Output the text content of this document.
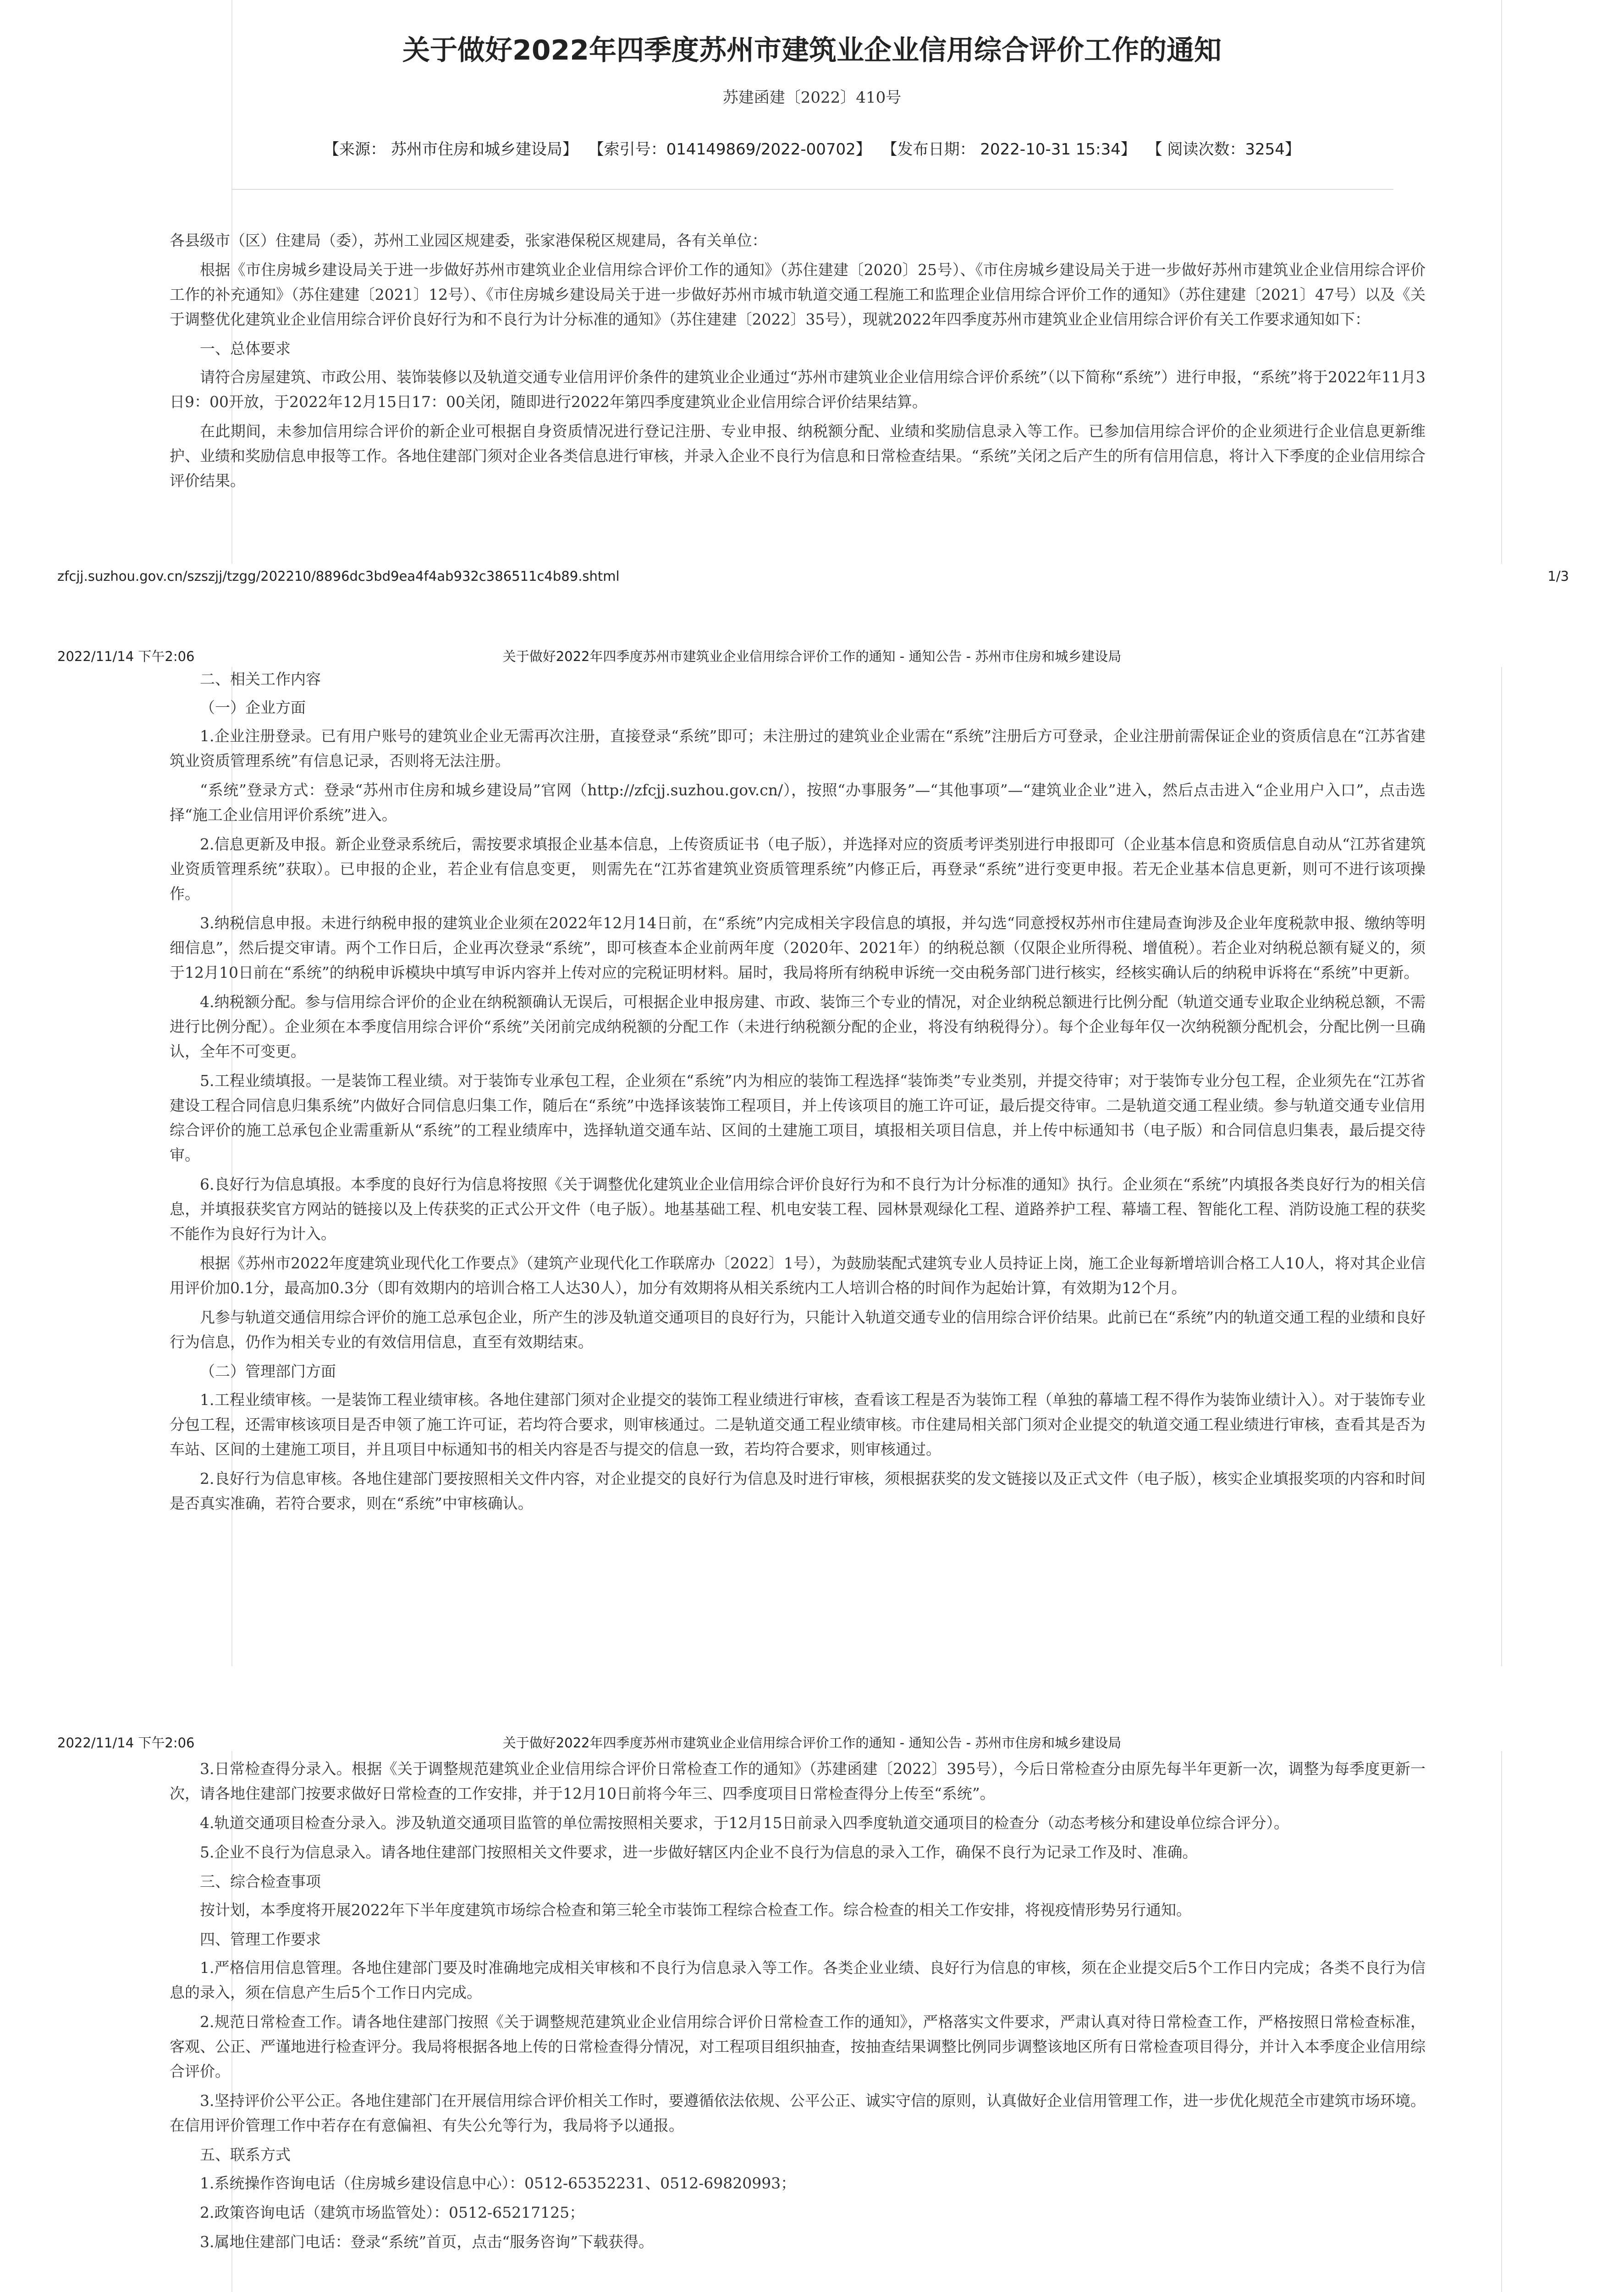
关于做好2022年四季度苏州市建筑业企业信用综合评价工作的通知
苏建函建〔2022〕410号
【来源： 苏州市住房和城乡建设局】 【索引号：014149869/2022-00702】 【发布日期： 2022-10-31 15:34】 【 阅读次数：3254】

各县级市（区）住建局（委），苏州工业园区规建委，张家港保税区规建局，各有关单位：

根据《市住房城乡建设局关于进一步做好苏州市建筑业企业信用综合评价工作的通知》（苏住建建〔2020〕25号）、《市住房城乡建设局关于进一步做好苏州市建筑业企业信用综合评价工作的补充通知》（苏住建建〔2021〕12号）、《市住房城乡建设局关于进一步做好苏州市城市轨道交通工程施工和监理企业信用综合评价工作的通知》（苏住建建〔2021〕47号）以及《关于调整优化建筑业企业信用综合评价良好行为和不良行为计分标准的通知》（苏住建建〔2022〕35号），现就2022年四季度苏州市建筑业企业信用综合评价有关工作要求通知如下：

一、总体要求

请符合房屋建筑、市政公用、装饰装修以及轨道交通专业信用评价条件的建筑业企业通过“苏州市建筑业企业信用综合评价系统”（以下简称“系统”）进行申报，“系统”将于2022年11月3日9：00开放，于2022年12月15日17：00关闭，随即进行2022年第四季度建筑业企业信用综合评价结果结算。

在此期间，未参加信用综合评价的新企业可根据自身资质情况进行登记注册、专业申报、纳税额分配、业绩和奖励信息录入等工作。已参加信用综合评价的企业须进行企业信息更新维护、业绩和奖励信息申报等工作。各地住建部门须对企业各类信息进行审核，并录入企业不良行为信息和日常检查结果。“系统”关闭之后产生的所有信用信息，将计入下季度的企业信用综合评价结果。

zfcjj.suzhou.gov.cn/szszjj/tzgg/202210/8896dc3bd9ea4f4ab932c386511c4b89.shtml	1/3
2022/11/14 下午2:06	关于做好2022年四季度苏州市建筑业企业信用综合评价工作的通知 - 通知公告 - 苏州市住房和城乡建设局

二、相关工作内容

（一）企业方面

1.企业注册登录。已有用户账号的建筑业企业无需再次注册，直接登录“系统”即可；未注册过的建筑业企业需在“系统”注册后方可登录，企业注册前需保证企业的资质信息在“江苏省建筑业资质管理系统”有信息记录，否则将无法注册。

“系统”登录方式：登录“苏州市住房和城乡建设局”官网（http://zfcjj.suzhou.gov.cn/），按照“办事服务”—“其他事项”—“建筑业企业”进入，然后点击进入“企业用户入口”，点击选择“施工企业信用评价系统”进入。

2.信息更新及申报。新企业登录系统后，需按要求填报企业基本信息，上传资质证书（电子版），并选择对应的资质考评类别进行申报即可（企业基本信息和资质信息自动从“江苏省建筑业资质管理系统”获取）。已申报的企业，若企业有信息变更， 则需先在“江苏省建筑业资质管理系统”内修正后，再登录“系统”进行变更申报。若无企业基本信息更新，则可不进行该项操作。

3.纳税信息申报。未进行纳税申报的建筑业企业须在2022年12月14日前，在“系统”内完成相关字段信息的填报，并勾选“同意授权苏州市住建局查询涉及企业年度税款申报、缴纳等明细信息”，然后提交审请。两个工作日后，企业再次登录“系统”，即可核查本企业前两年度（2020年、2021年）的纳税总额（仅限企业所得税、增值税）。若企业对纳税总额有疑义的，须于12月10日前在“系统”的纳税申诉模块中填写申诉内容并上传对应的完税证明材料。届时，我局将所有纳税申诉统一交由税务部门进行核实，经核实确认后的纳税申诉将在“系统”中更新。

4.纳税额分配。参与信用综合评价的企业在纳税额确认无误后，可根据企业申报房建、市政、装饰三个专业的情况，对企业纳税总额进行比例分配（轨道交通专业取企业纳税总额，不需进行比例分配）。企业须在本季度信用综合评价“系统”关闭前完成纳税额的分配工作（未进行纳税额分配的企业，将没有纳税得分）。每个企业每年仅一次纳税额分配机会，分配比例一旦确认，全年不可变更。

5.工程业绩填报。一是装饰工程业绩。对于装饰专业承包工程，企业须在“系统”内为相应的装饰工程选择“装饰类”专业类别，并提交待审；对于装饰专业分包工程，企业须先在“江苏省建设工程合同信息归集系统”内做好合同信息归集工作，随后在“系统”中选择该装饰工程项目，并上传该项目的施工许可证，最后提交待审。二是轨道交通工程业绩。参与轨道交通专业信用综合评价的施工总承包企业需重新从“系统”的工程业绩库中，选择轨道交通车站、区间的土建施工项目，填报相关项目信息，并上传中标通知书（电子版）和合同信息归集表，最后提交待审。

6.良好行为信息填报。本季度的良好行为信息将按照《关于调整优化建筑业企业信用综合评价良好行为和不良行为计分标准的通知》执行。企业须在“系统”内填报各类良好行为的相关信息，并填报获奖官方网站的链接以及上传获奖的正式公开文件（电子版）。地基基础工程、机电安装工程、园林景观绿化工程、道路养护工程、幕墙工程、智能化工程、消防设施工程的获奖不能作为良好行为计入。

根据《苏州市2022年度建筑业现代化工作要点》（建筑产业现代化工作联席办〔2022〕1号），为鼓励装配式建筑专业人员持证上岗，施工企业每新增培训合格工人10人，将对其企业信用评价加0.1分，最高加0.3分（即有效期内的培训合格工人达30人），加分有效期将从相关系统内工人培训合格的时间作为起始计算，有效期为12个月。

凡参与轨道交通信用综合评价的施工总承包企业，所产生的涉及轨道交通项目的良好行为，只能计入轨道交通专业的信用综合评价结果。此前已在“系统”内的轨道交通工程的业绩和良好行为信息，仍作为相关专业的有效信用信息，直至有效期结束。

（二）管理部门方面

1.工程业绩审核。一是装饰工程业绩审核。各地住建部门须对企业提交的装饰工程业绩进行审核，查看该工程是否为装饰工程（单独的幕墙工程不得作为装饰业绩计入）。对于装饰专业分包工程，还需审核该项目是否申领了施工许可证，若均符合要求，则审核通过。二是轨道交通工程业绩审核。市住建局相关部门须对企业提交的轨道交通工程业绩进行审核，查看其是否为车站、区间的土建施工项目，并且项目中标通知书的相关内容是否与提交的信息一致，若均符合要求，则审核通过。

2.良好行为信息审核。各地住建部门要按照相关文件内容，对企业提交的良好行为信息及时进行审核，须根据获奖的发文链接以及正式文件（电子版），核实企业填报奖项的内容和时间是否真实准确，若符合要求，则在“系统”中审核确认。

2022/11/14 下午2:06	关于做好2022年四季度苏州市建筑业企业信用综合评价工作的通知 - 通知公告 - 苏州市住房和城乡建设局

3.日常检查得分录入。根据《关于调整规范建筑业企业信用综合评价日常检查工作的通知》（苏建函建〔2022〕395号），今后日常检查分由原先每半年更新一次，调整为每季度更新一次，请各地住建部门按要求做好日常检查的工作安排，并于12月10日前将今年三、四季度项目日常检查得分上传至“系统”。

4.轨道交通项目检查分录入。涉及轨道交通项目监管的单位需按照相关要求，于12月15日前录入四季度轨道交通项目的检查分（动态考核分和建设单位综合评分）。

5.企业不良行为信息录入。请各地住建部门按照相关文件要求，进一步做好辖区内企业不良行为信息的录入工作，确保不良行为记录工作及时、准确。

三、综合检查事项

按计划，本季度将开展2022年下半年度建筑市场综合检查和第三轮全市装饰工程综合检查工作。综合检查的相关工作安排，将视疫情形势另行通知。

四、管理工作要求

1.严格信用信息管理。各地住建部门要及时准确地完成相关审核和不良行为信息录入等工作。各类企业业绩、良好行为信息的审核，须在企业提交后5个工作日内完成；各类不良行为信息的录入，须在信息产生后5个工作日内完成。

2.规范日常检查工作。请各地住建部门按照《关于调整规范建筑业企业信用综合评价日常检查工作的通知》，严格落实文件要求，严肃认真对待日常检查工作，严格按照日常检查标准，客观、公正、严谨地进行检查评分。我局将根据各地上传的日常检查得分情况，对工程项目组织抽查，按抽查结果调整比例同步调整该地区所有日常检查项目得分，并计入本季度企业信用综合评价。

3.坚持评价公平公正。各地住建部门在开展信用综合评价相关工作时，要遵循依法依规、公平公正、诚实守信的原则，认真做好企业信用管理工作，进一步优化规范全市建筑市场环境。在信用评价管理工作中若存在有意偏袒、有失公允等行为，我局将予以通报。

五、联系方式

1.系统操作咨询电话（住房城乡建设信息中心）：0512-65352231、0512-69820993；

2.政策咨询电话（建筑市场监管处）：0512-65217125；

3.属地住建部门电话：登录“系统”首页，点击“服务咨询”下载获得。
